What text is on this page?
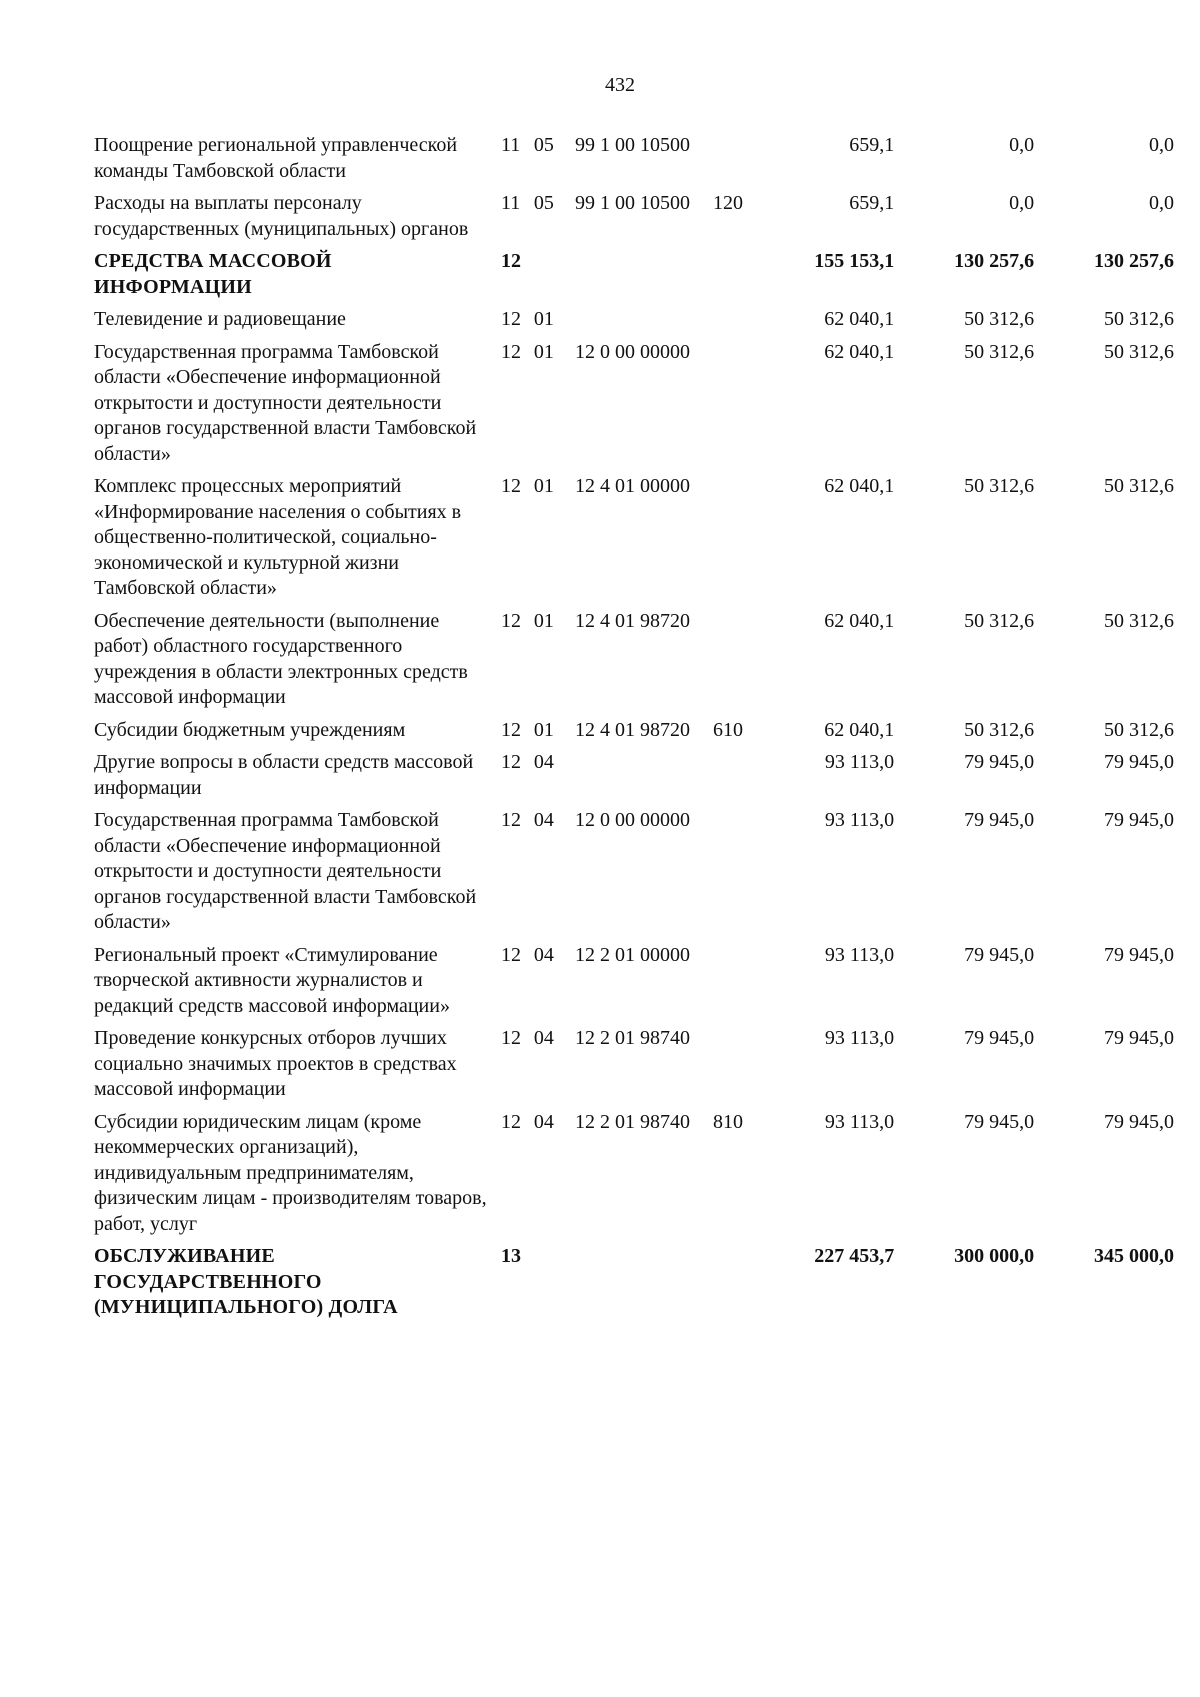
432
Поощрение региональной управленческой команды Тамбовской области	11	05	99 1 00 10500		659,1	0,0	0,0
Расходы на выплаты персоналу государственных (муниципальных) органов	11	05	99 1 00 10500	120	659,1	0,0	0,0
СРЕДСТВА МАССОВОЙ ИНФОРМАЦИИ	12				155 153,1	130 257,6	130 257,6
Телевидение и радиовещание	12	01			62 040,1	50 312,6	50 312,6
Государственная программа Тамбовской области «Обеспечение информационной открытости и доступности деятельности органов государственной власти Тамбовской области»	12	01	12 0 00 00000		62 040,1	50 312,6	50 312,6
Комплекс процессных мероприятий «Информирование населения о событиях в общественно-политической, социально-экономической и культурной жизни Тамбовской области»	12	01	12 4 01 00000		62 040,1	50 312,6	50 312,6
Обеспечение деятельности (выполнение работ) областного государственного учреждения в области электронных средств массовой информации	12	01	12 4 01 98720		62 040,1	50 312,6	50 312,6
Субсидии бюджетным учреждениям	12	01	12 4 01 98720	610	62 040,1	50 312,6	50 312,6
Другие вопросы в области средств массовой информации	12	04			93 113,0	79 945,0	79 945,0
Государственная программа Тамбовской области «Обеспечение информационной открытости и доступности деятельности органов государственной власти Тамбовской области»	12	04	12 0 00 00000		93 113,0	79 945,0	79 945,0
Региональный проект «Стимулирование творческой активности журналистов и редакций средств массовой информации»	12	04	12 2 01 00000		93 113,0	79 945,0	79 945,0
Проведение конкурсных отборов лучших социально значимых проектов в средствах массовой информации	12	04	12 2 01 98740		93 113,0	79 945,0	79 945,0
Субсидии юридическим лицам (кроме некоммерческих организаций), индивидуальным предпринимателям, физическим лицам - производителям товаров, работ, услуг	12	04	12 2 01 98740	810	93 113,0	79 945,0	79 945,0
ОБСЛУЖИВАНИЕ ГОСУДАРСТВЕННОГО (МУНИЦИПАЛЬНОГО) ДОЛГА	13				227 453,7	300 000,0	345 000,0
